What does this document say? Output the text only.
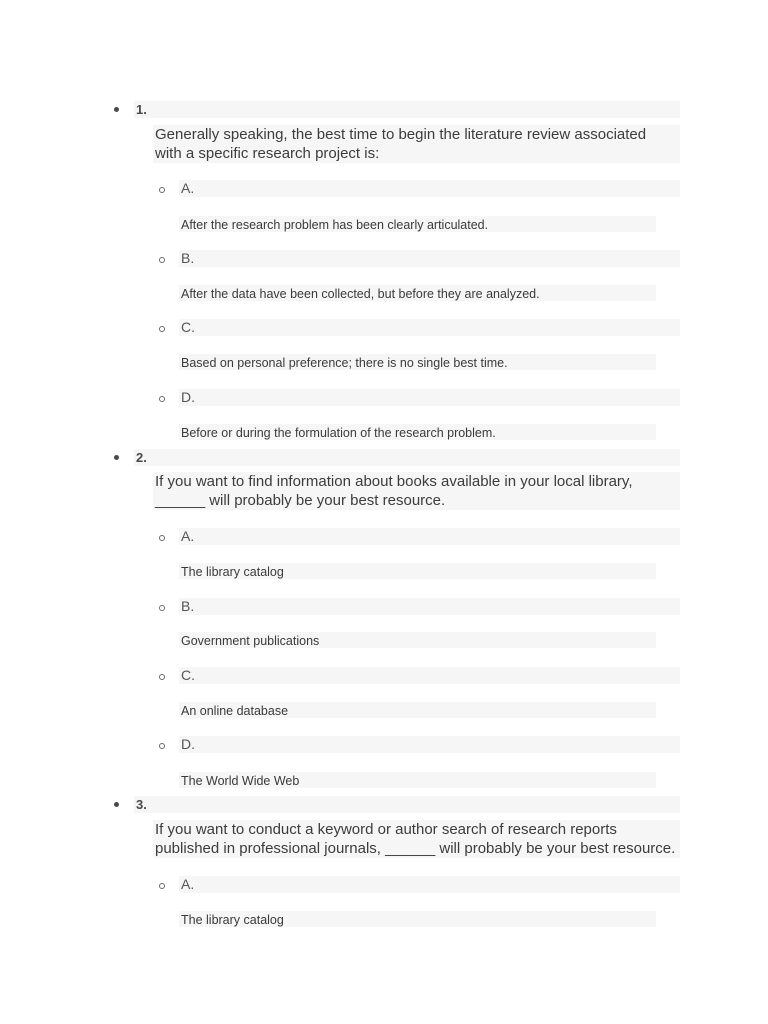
1.
Generally speaking, the best time to begin the literature review associated
with a specific research project is:
A.
After the research problem has been clearly articulated.
B.
After the data have been collected, but before they are analyzed.
C.
Based on personal preference; there is no single best time.
D.
Before or during the formulation of the research problem.
2.
If you want to find information about books available in your local library,
______ will probably be your best resource.
A.
The library catalog
B.
Government publications
C.
An online database
D.
The World Wide Web
3.
If you want to conduct a keyword or author search of research reports
published in professional journals, ______ will probably be your best resource.
A.
The library catalog
